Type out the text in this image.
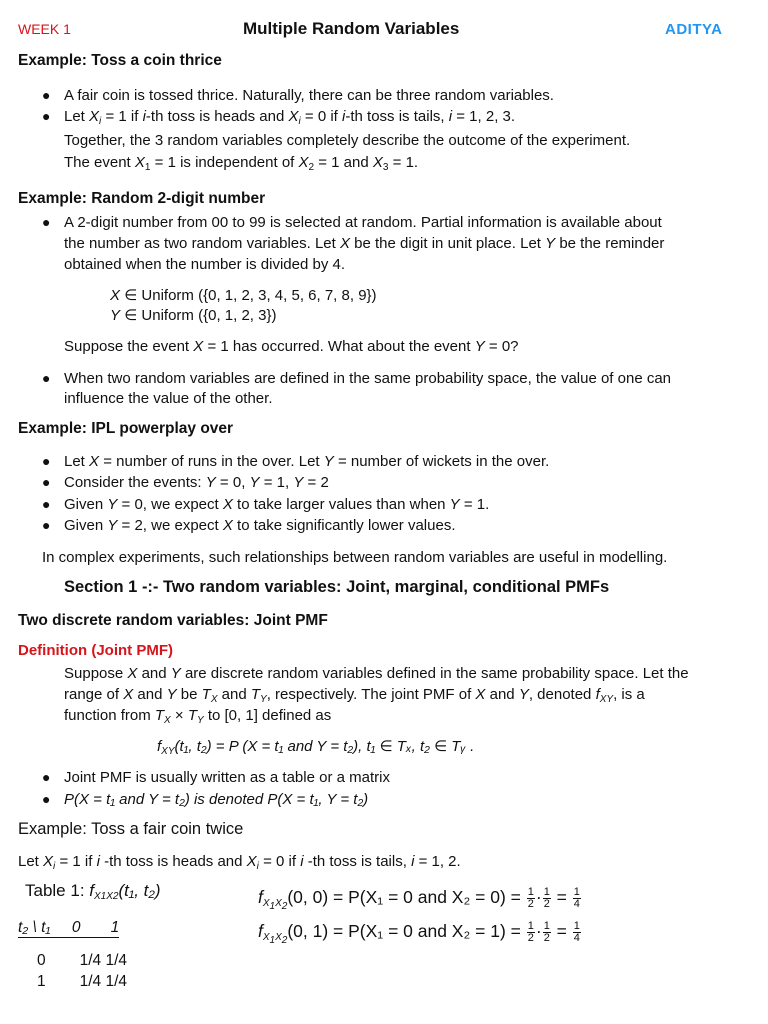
WEEK 1	Multiple Random Variables	ADITYA
Example: Toss a coin thrice
● A fair coin is tossed thrice. Naturally, there can be three random variables.
● Let $X_i = 1$ if i-th toss is heads and $X_i = 0$ if i-th toss is tails, i = 1, 2, 3.
Together, the 3 random variables completely describe the outcome of the experiment.
The event $X_1 = 1$ is independent of $X_2 = 1$ and $X_3 = 1$.
Example: Random 2-digit number
● A 2-digit number from 00 to 99 is selected at random. Partial information is available about
the number as two random variables. Let X be the digit in unit place. Let Y be the reminder
obtained when the number is divided by 4.
X ∈ Uniform ({0, 1, 2, 3, 4, 5, 6, 7, 8, 9})
Y ∈ Uniform ({0, 1, 2, 3})
Suppose the event X = 1 has occurred. What about the event Y = 0?
● When two random variables are defined in the same probability space, the value of one can
influence the value of the other.
Example: IPL powerplay over
● Let X = number of runs in the over. Let Y = number of wickets in the over.
● Consider the events: Y = 0, Y = 1, Y = 2
● Given Y = 0, we expect X to take larger values than when Y = 1.
● Given Y = 2, we expect X to take significantly lower values.
In complex experiments, such relationships between random variables are useful in modelling.
Section 1 -:- Two random variables: Joint, marginal, conditional PMFs
Two discrete random variables: Joint PMF
Definition (Joint PMF)
Suppose X and Y are discrete random variables defined in the same probability space. Let the
range of X and Y be $T_X$ and $T_Y$, respectively. The joint PMF of X and Y, denoted $f_{XY}$, is a
function from $T_X \times T_Y$ to [0, 1] defined as
$f_{XY}(t_1$, t₂) = P (X = t₁ and Y = t₂), t₁ ∈ Tₓ, t₂ ∈ Tᵧ .
● Joint PMF is usually written as a table or a matrix
● P(X = t₁ and Y = t₂) is denoted P(X = t₁, Y = t₂)
Example: Toss a fair coin twice
Let $X_i = 1$ if i -th toss is heads and $X_i = 0$ if i -th toss is tails, i = 1, 2.
Table 1: $f_{X1X2}(t_1$, t₂)	$f_{X_1X_2}(0$, 0) = P(X₁ = 0 and $X_2 = 0) = \frac{1}{2} \cdot \frac{1}{2} = \frac{1}{4}$
$f_{X_1X_2}(0$, 1) = P(X₁ = 0 and $X_2 = 1) = \frac{1}{2} \cdot \frac{1}{2} = \frac{1}{4}$
t₂ \ t₁     0       1
0 1/4 1/4
1 1/4 1/4
